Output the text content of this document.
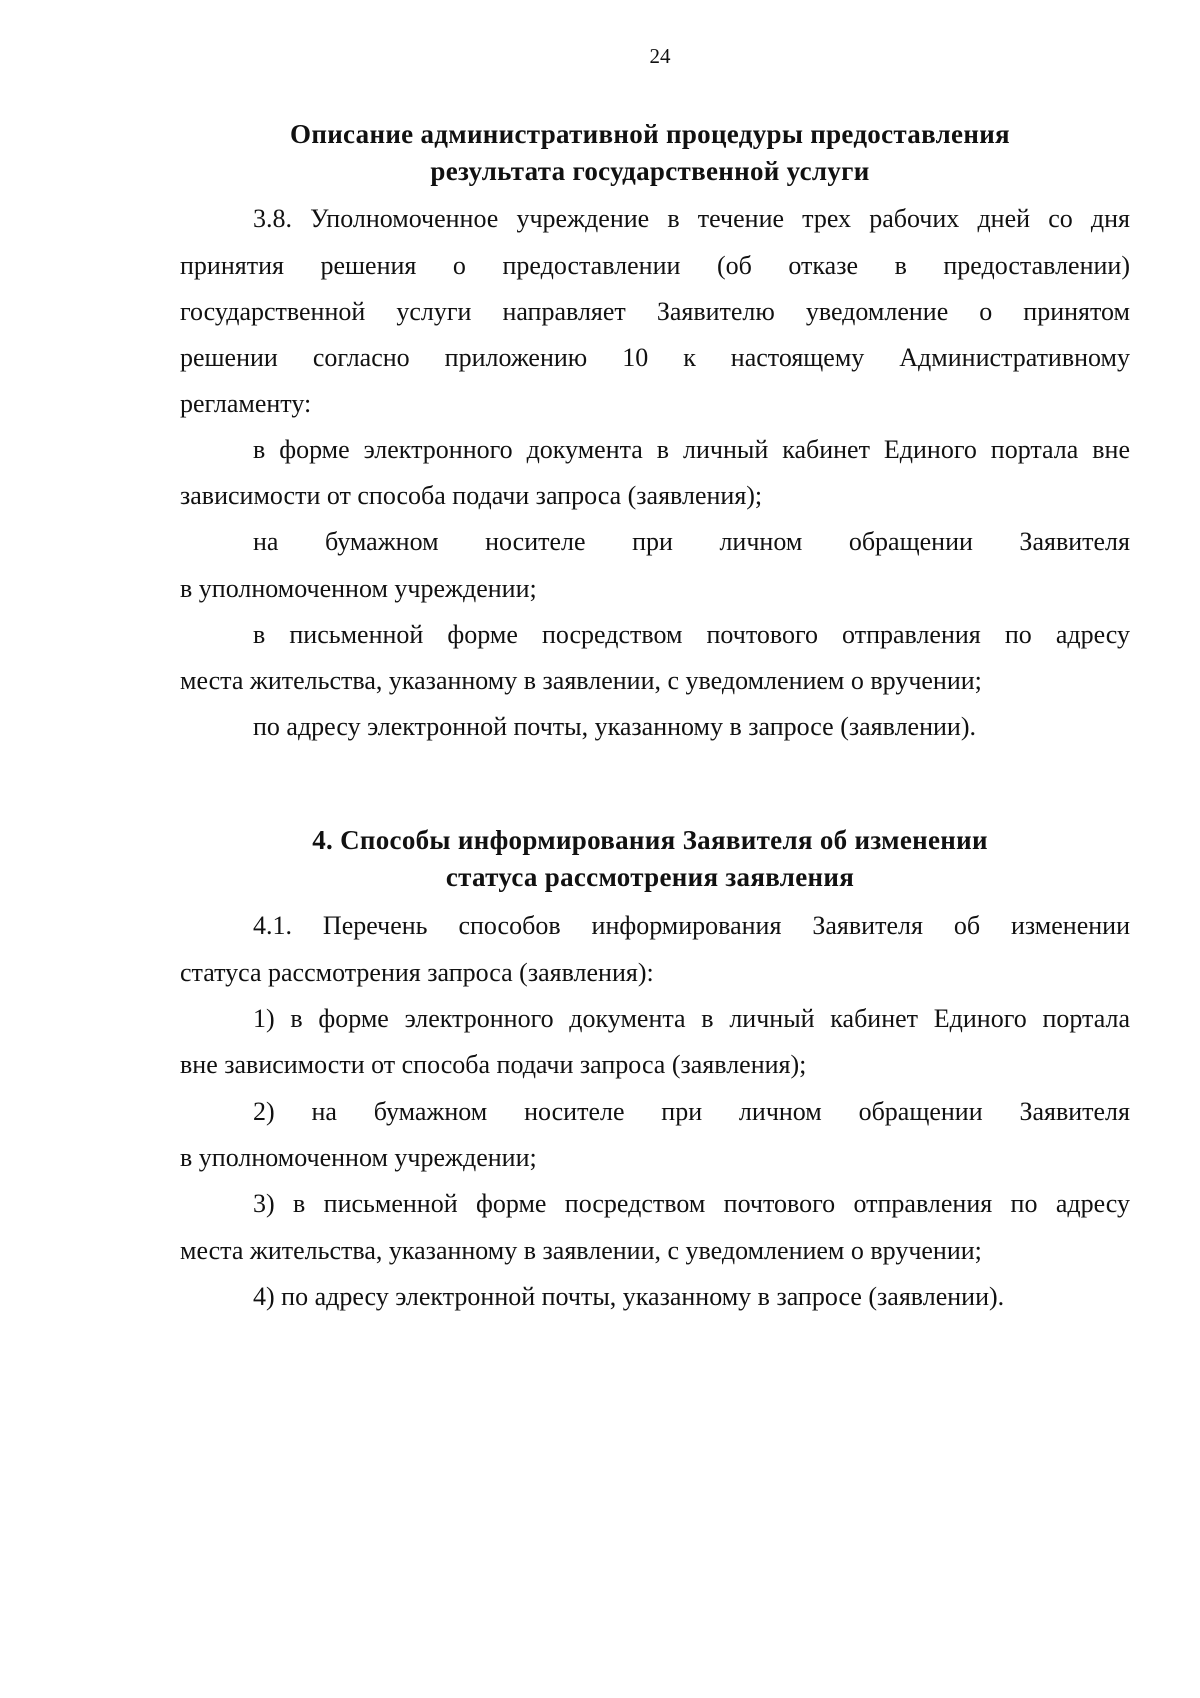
24
Описание административной процедуры предоставления
результата государственной услуги

3.8. Уполномоченное учреждение в течение трех рабочих дней со дня

принятия решения о предоставлении (об отказе в предоставлении)

государственной услуги направляет Заявителю уведомление о принятом

решении согласно приложению 10 к настоящему Административному

регламенту:

в форме электронного документа в личный кабинет Единого портала вне

зависимости от способа подачи запроса (заявления);

на бумажном носителе при личном обращении Заявителя

в уполномоченном учреждении;

в письменной форме посредством почтового отправления по адресу

места жительства, указанному в заявлении, с уведомлением о вручении;

по адресу электронной почты, указанному в запросе (заявлении).

4. Способы информирования Заявителя об изменении
статуса рассмотрения заявления

4.1. Перечень способов информирования Заявителя об изменении

статуса рассмотрения запроса (заявления):

1) в форме электронного документа в личный кабинет Единого портала

вне зависимости от способа подачи запроса (заявления);

2) на бумажном носителе при личном обращении Заявителя

в уполномоченном учреждении;

3) в письменной форме посредством почтового отправления по адресу

места жительства, указанному в заявлении, с уведомлением о вручении;

4) по адресу электронной почты, указанному в запросе (заявлении).
